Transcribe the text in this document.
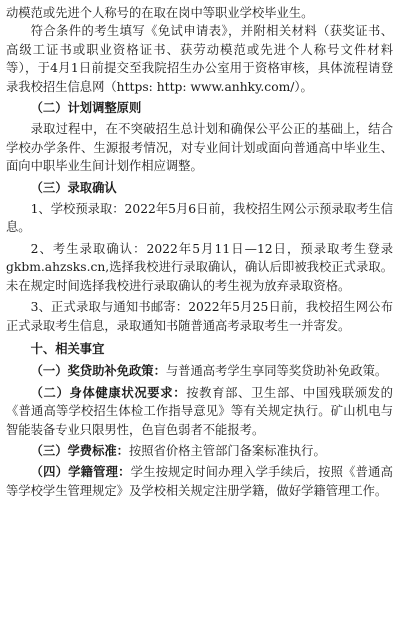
动模范或先进个人称号的在取在岗中等职业学校毕业生。

符合条件的考生填写《免试申请表》，并附相关材料（获奖证书、高级工证书或职业资格证书、获劳动模范或先进个人称号文件材料等），于4月1日前提交至我院招生办公室用于资格审核，具体流程请登录我校招生信息网（https: http: www.anhky.com/）。

（二）计划调整原则

录取过程中，在不突破招生总计划和确保公平公正的基础上，结合学校办学条件、生源报考情况，对专业间计划或面向普通高中毕业生、面向中职毕业生间计划作相应调整。

（三）录取确认

1、学校预录取：2022年5月6日前，我校招生网公示预录取考生信息。

2、考生录取确认：2022年5月11日—12日，预录取考生登录gkbm.ahzsks.cn,选择我校进行录取确认，确认后即被我校正式录取。未在规定时间选择我校进行录取确认的考生视为放弃录取资格。

3、正式录取与通知书邮寄：2022年5月25日前，我校招生网公布正式录取考生信息，录取通知书随普通高考录取考生一并寄发。

十、相关事宜

（一）奖贷助补免政策：与普通高考学生享同等奖贷助补免政策。

（二）身体健康状况要求：按教育部、卫生部、中国残联颁发的《普通高等学校招生体检工作指导意见》等有关规定执行。矿山机电与智能装备专业只限男性，色盲色弱者不能报考。

（三）学费标准：按照省价格主管部门备案标准执行。

（四）学籍管理：学生按规定时间办理入学手续后，按照《普通高等学校学生管理规定》及学校相关规定注册学籍，做好学籍管理工作。
